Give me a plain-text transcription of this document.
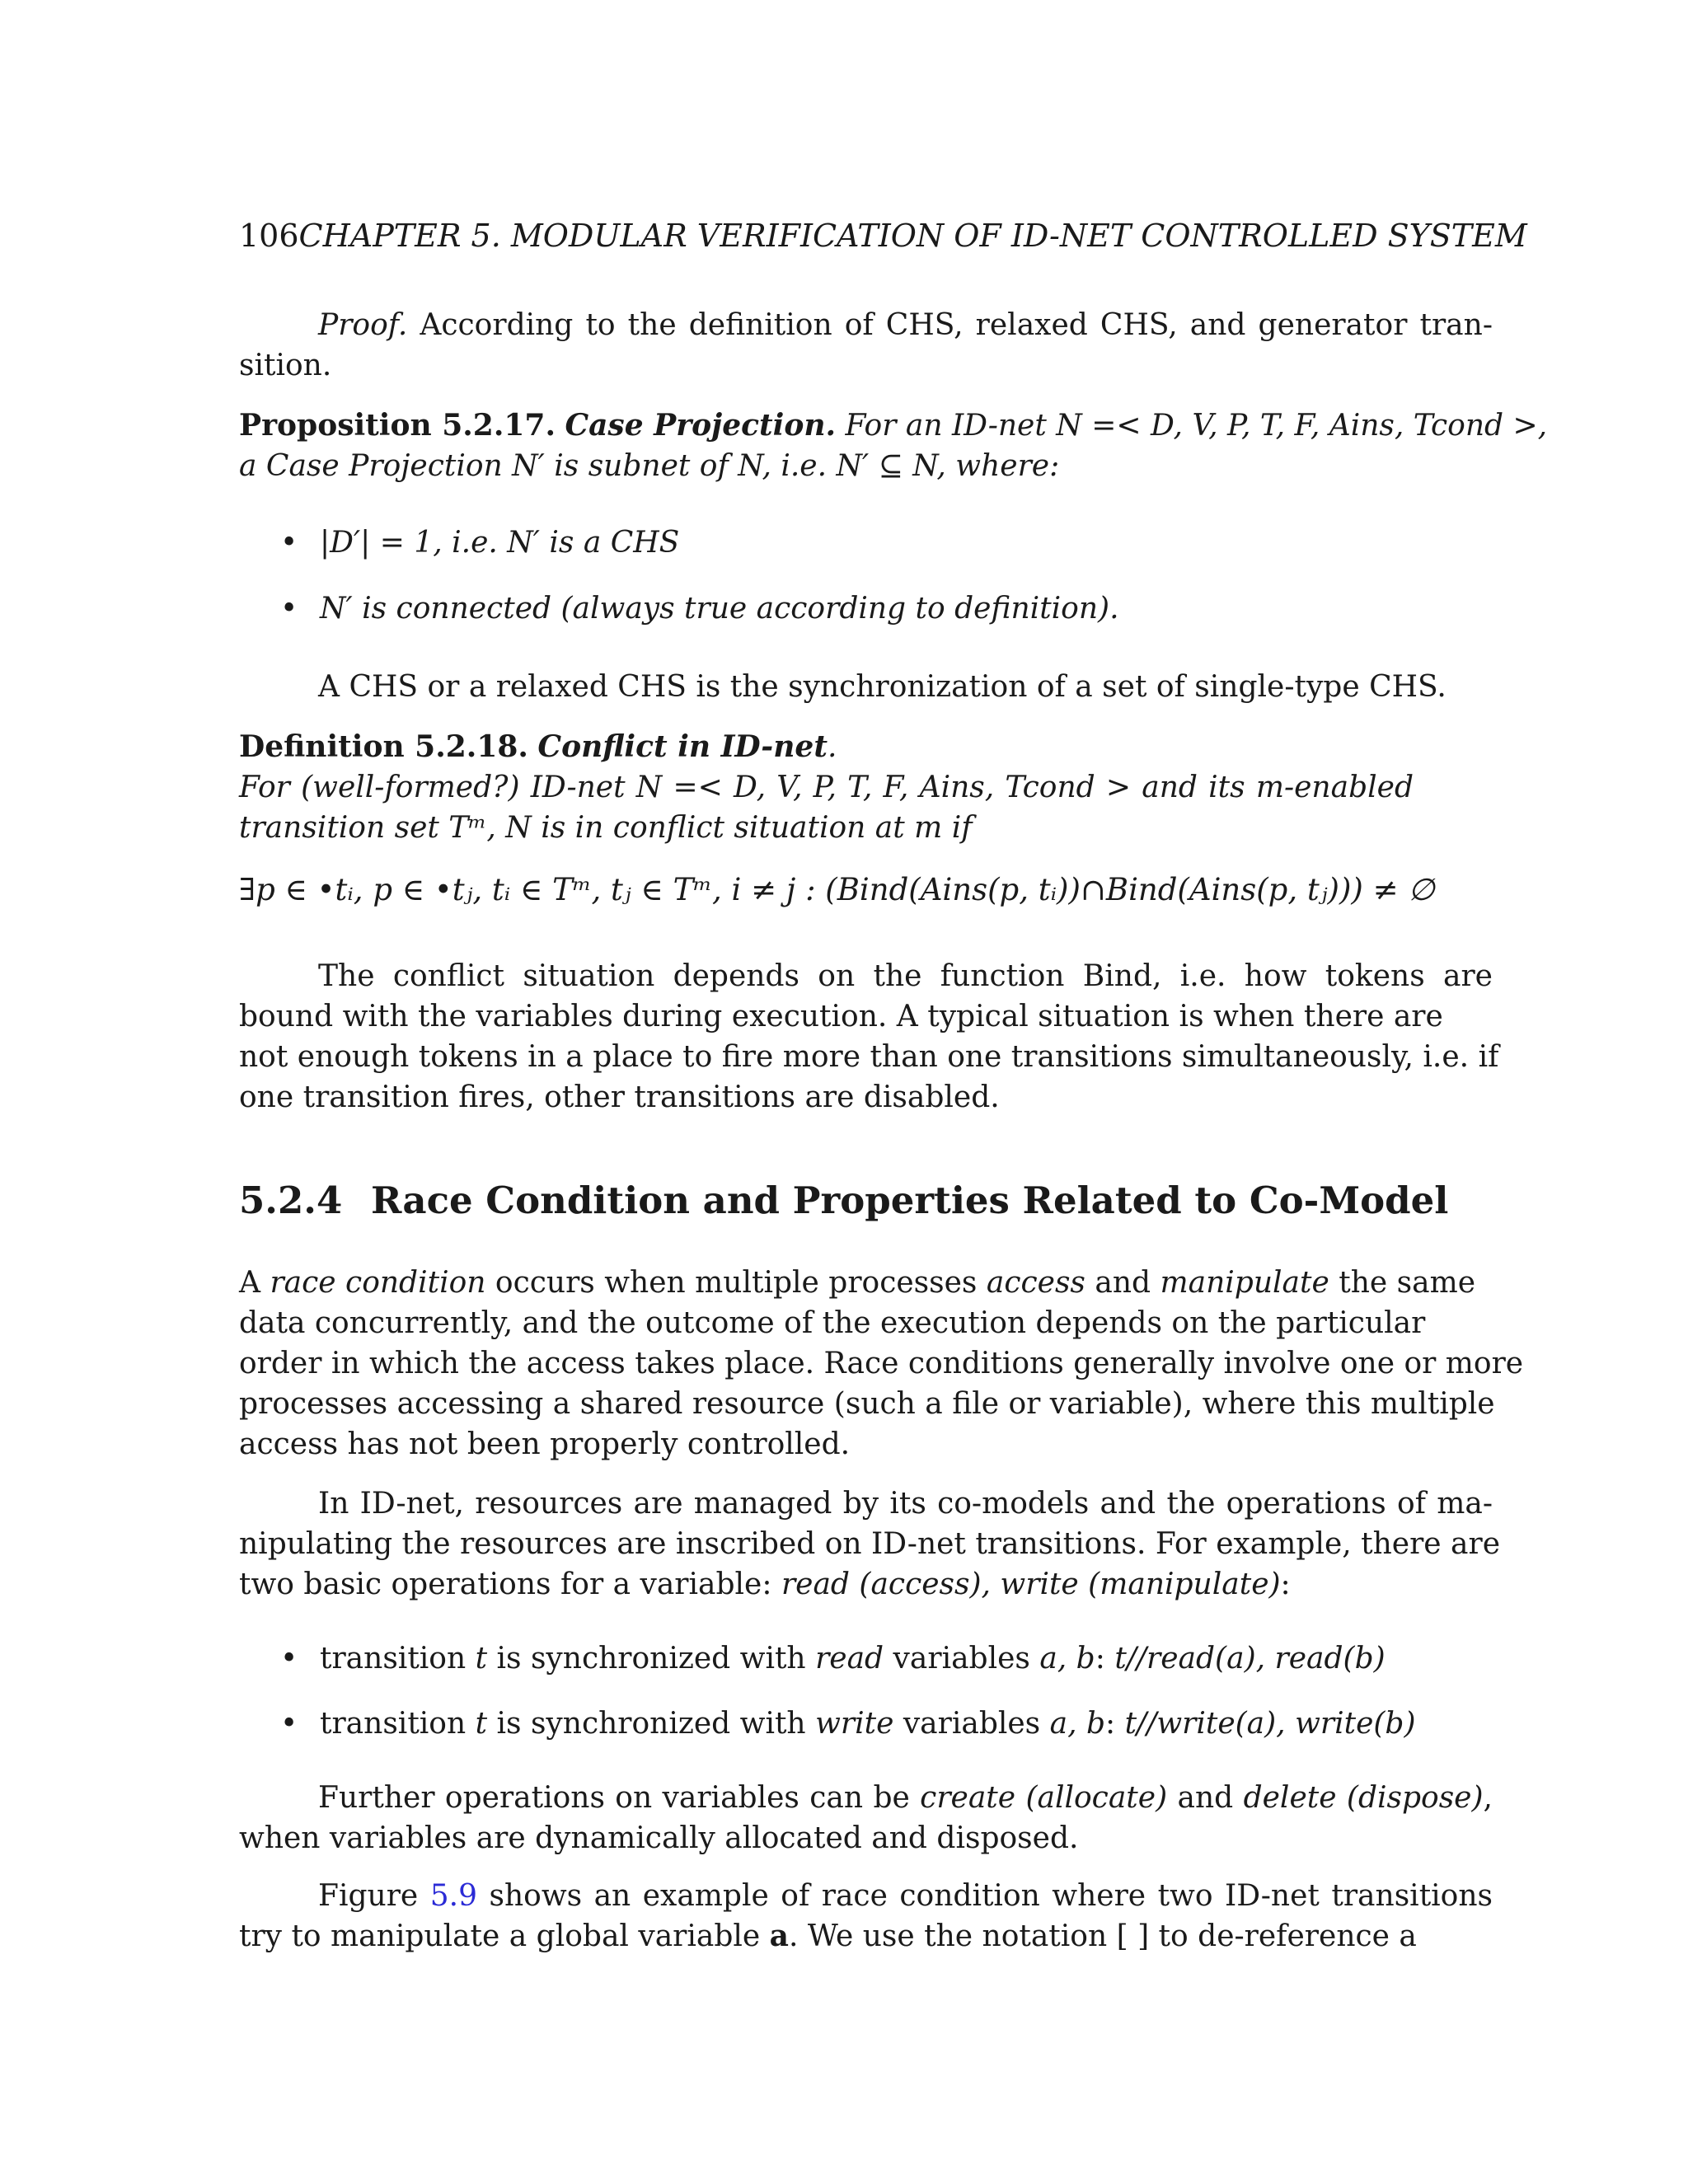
106CHAPTER 5. MODULAR VERIFICATION OF ID-NET CONTROLLED SYSTEM
Proof. According to the definition of CHS, relaxed CHS, and generator tran-
sition.
Proposition 5.2.17. Case Projection. For an ID-net N =< D, V, P, T, F, Ains, Tcond >,
a Case Projection N′ is subnet of N, i.e. N′ ⊆ N, where:
• |D′| = 1, i.e. N′ is a CHS
• N′ is connected (always true according to definition).
A CHS or a relaxed CHS is the synchronization of a set of single-type CHS.
Definition 5.2.18. Conflict in ID-net.
For (well-formed?) ID-net N =< D, V, P, T, F, Ains, Tcond > and its m-enabled
transition set Tᵐ, N is in conflict situation at m if
∃p ∈ •tᵢ, p ∈ •tⱼ, tᵢ ∈ Tᵐ, tⱼ ∈ Tᵐ, i ≠ j : (Bind(Ains(p, tᵢ))∩Bind(Ains(p, tⱼ))) ≠ ∅
The conflict situation depends on the function Bind, i.e. how tokens are
bound with the variables during execution. A typical situation is when there are
not enough tokens in a place to fire more than one transitions simultaneously, i.e. if
one transition fires, other transitions are disabled.
5.2.4 Race Condition and Properties Related to Co-Model
A race condition occurs when multiple processes access and manipulate the same
data concurrently, and the outcome of the execution depends on the particular
order in which the access takes place. Race conditions generally involve one or more
processes accessing a shared resource (such a file or variable), where this multiple
access has not been properly controlled.
In ID-net, resources are managed by its co-models and the operations of ma-
nipulating the resources are inscribed on ID-net transitions. For example, there are
two basic operations for a variable: read (access), write (manipulate):
• transition t is synchronized with read variables a, b: t//read(a), read(b)
• transition t is synchronized with write variables a, b: t//write(a), write(b)
Further operations on variables can be create (allocate) and delete (dispose),
when variables are dynamically allocated and disposed.
Figure 5.9 shows an example of race condition where two ID-net transitions
try to manipulate a global variable a. We use the notation [ ] to de-reference a
